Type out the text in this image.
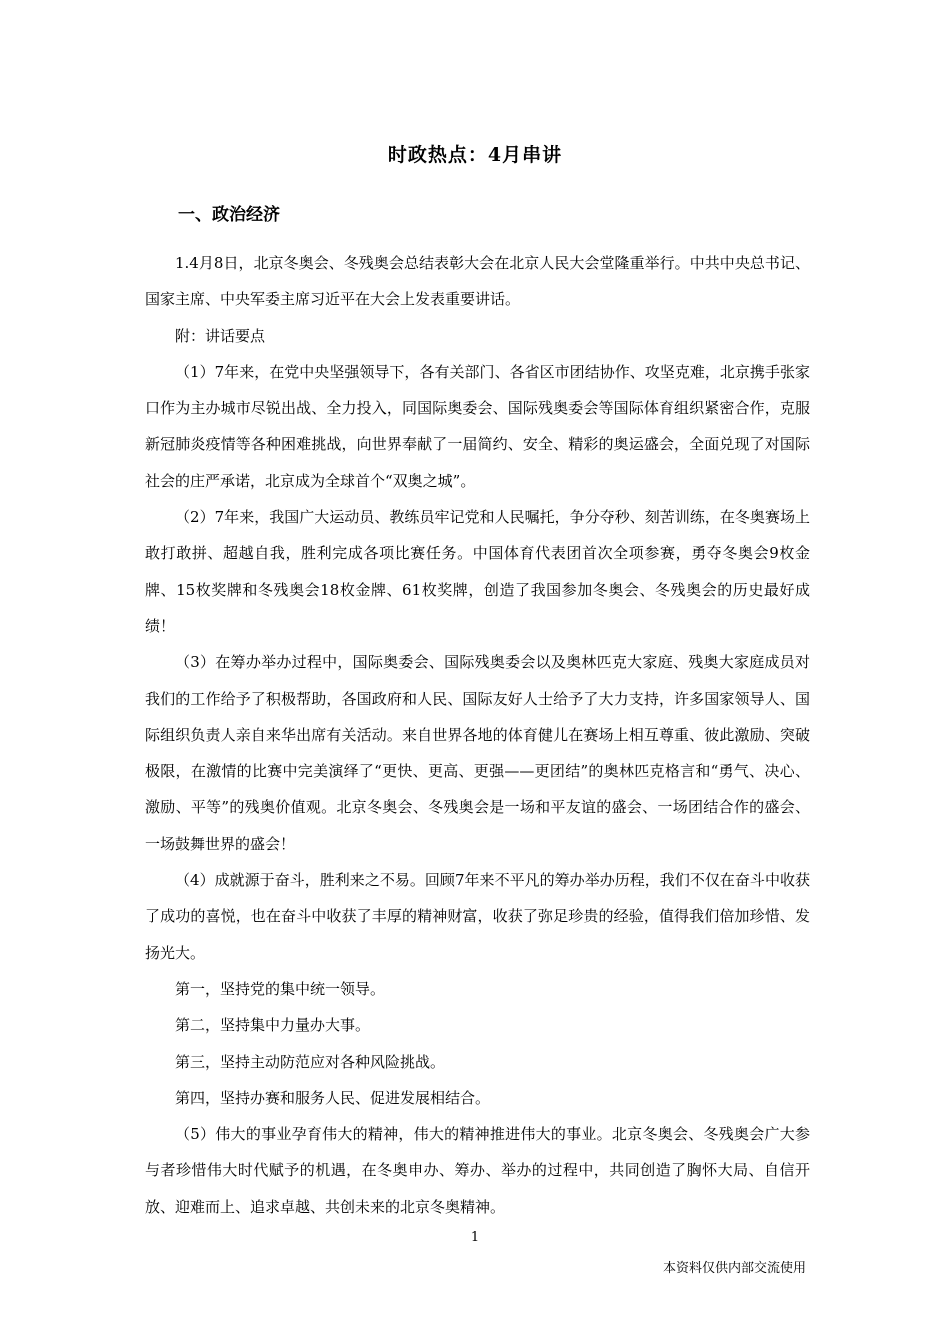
时政热点：4月串讲
一、政治经济

1.4月8日，北京冬奥会、冬残奥会总结表彰大会在北京人民大会堂隆重举行。中共中央总书记、国家主席、中央军委主席习近平在大会上发表重要讲话。

附：讲话要点

（1）7年来，在党中央坚强领导下，各有关部门、各省区市团结协作、攻坚克难，北京携手张家口作为主办城市尽锐出战、全力投入，同国际奥委会、国际残奥委会等国际体育组织紧密合作，克服新冠肺炎疫情等各种困难挑战，向世界奉献了一届简约、安全、精彩的奥运盛会，全面兑现了对国际社会的庄严承诺，北京成为全球首个“双奥之城”。

（2）7年来，我国广大运动员、教练员牢记党和人民嘱托，争分夺秒、刻苦训练，在冬奥赛场上敢打敢拼、超越自我，胜利完成各项比赛任务。中国体育代表团首次全项参赛，勇夺冬奥会9枚金牌、15枚奖牌和冬残奥会18枚金牌、61枚奖牌，创造了我国参加冬奥会、冬残奥会的历史最好成绩！

（3）在筹办举办过程中，国际奥委会、国际残奥委会以及奥林匹克大家庭、残奥大家庭成员对我们的工作给予了积极帮助，各国政府和人民、国际友好人士给予了大力支持，许多国家领导人、国际组织负责人亲自来华出席有关活动。来自世界各地的体育健儿在赛场上相互尊重、彼此激励、突破极限，在激情的比赛中完美演绎了“更快、更高、更强——更团结”的奥林匹克格言和“勇气、决心、激励、平等”的残奥价值观。北京冬奥会、冬残奥会是一场和平友谊的盛会、一场团结合作的盛会、一场鼓舞世界的盛会！

（4）成就源于奋斗，胜利来之不易。回顾7年来不平凡的筹办举办历程，我们不仅在奋斗中收获了成功的喜悦，也在奋斗中收获了丰厚的精神财富，收获了弥足珍贵的经验，值得我们倍加珍惜、发扬光大。

第一，坚持党的集中统一领导。

第二，坚持集中力量办大事。

第三，坚持主动防范应对各种风险挑战。

第四，坚持办赛和服务人民、促进发展相结合。

（5）伟大的事业孕育伟大的精神，伟大的精神推进伟大的事业。北京冬奥会、冬残奥会广大参与者珍惜伟大时代赋予的机遇，在冬奥申办、筹办、举办的过程中，共同创造了胸怀大局、自信开放、迎难而上、追求卓越、共创未来的北京冬奥精神。

1
本资料仅供内部交流使用
